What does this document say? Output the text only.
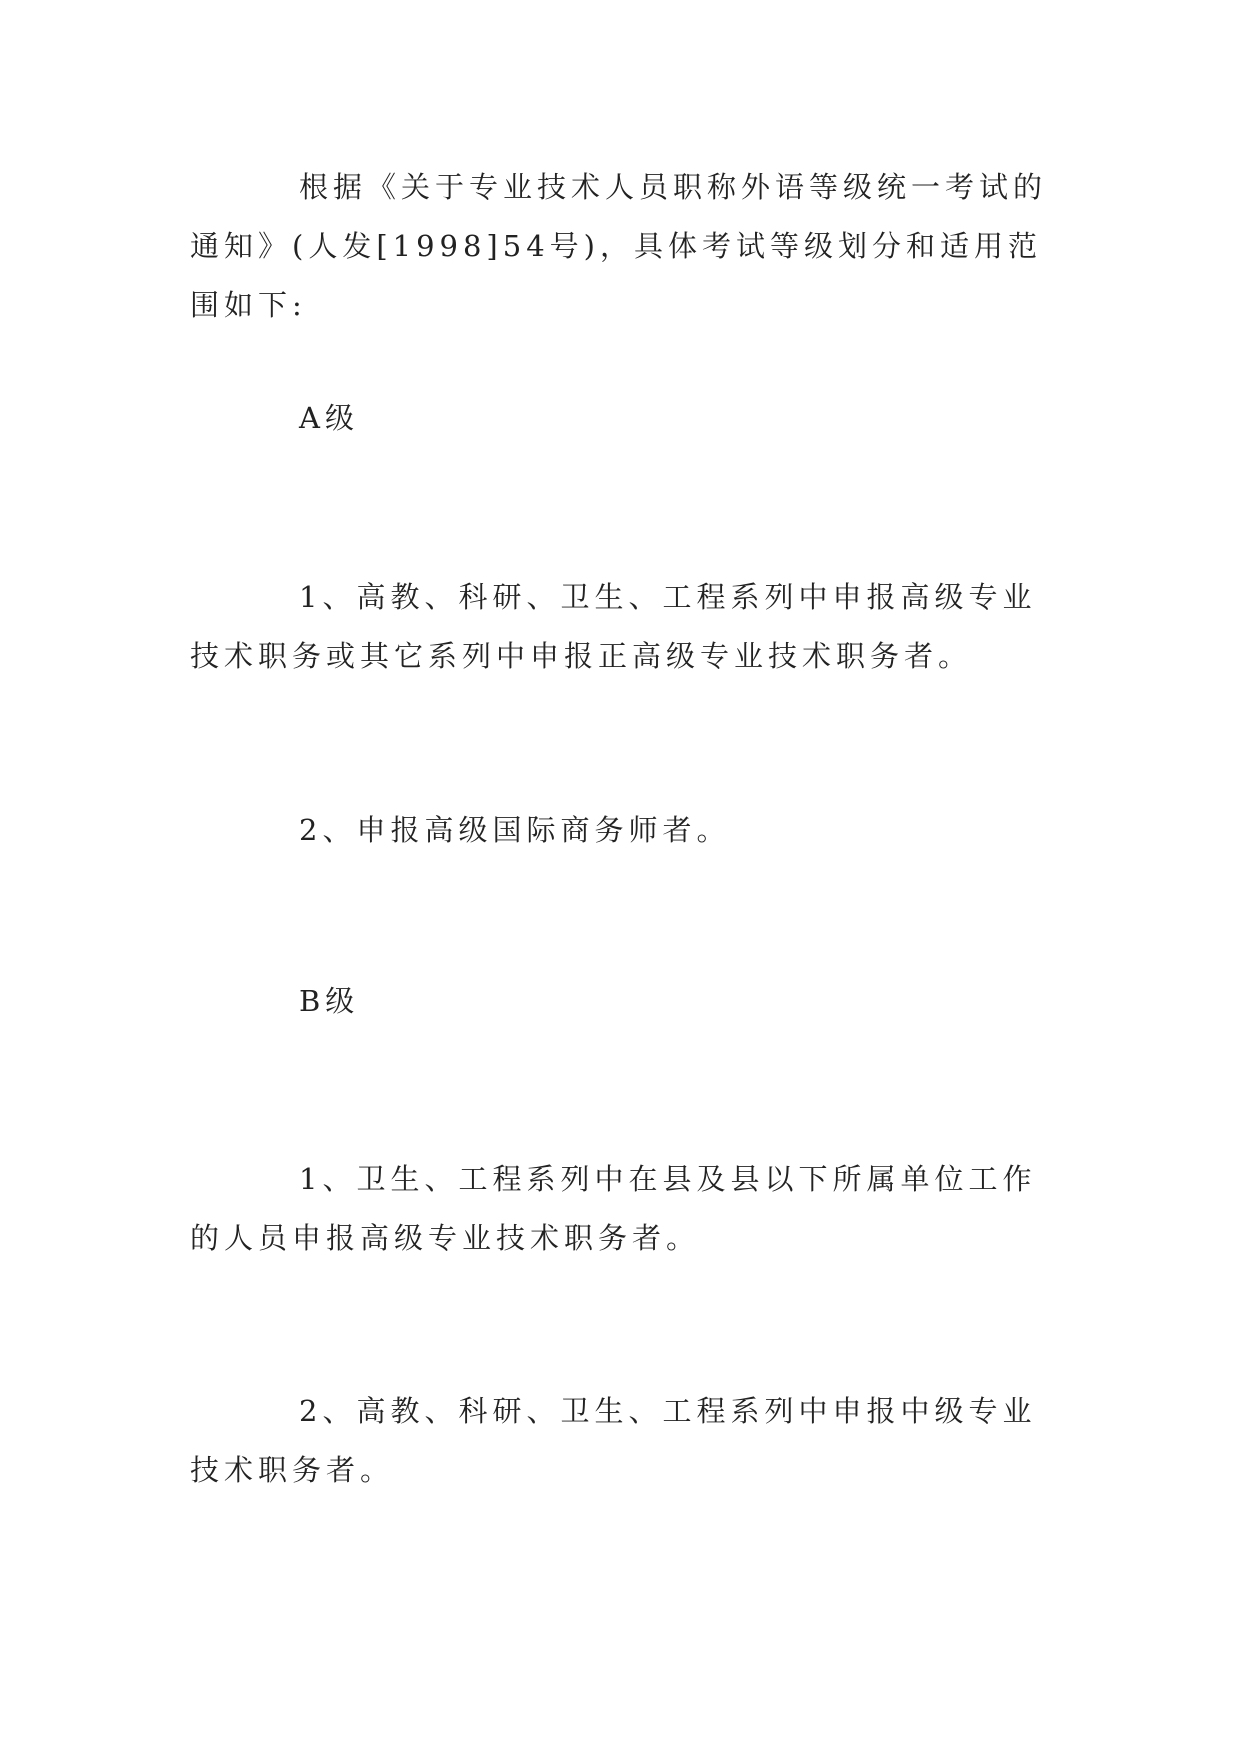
根据《关于专业技术人员职称外语等级统一考试的通知》(人发[1998]54号)，具体考试等级划分和适用范围如下:

A级

1、高教、科研、卫生、工程系列中申报高级专业技术职务或其它系列中申报正高级专业技术职务者。

2、申报高级国际商务师者。

B级

1、卫生、工程系列中在县及县以下所属单位工作的人员申报高级专业技术职务者。

2、高教、科研、卫生、工程系列中申报中级专业技术职务者。
